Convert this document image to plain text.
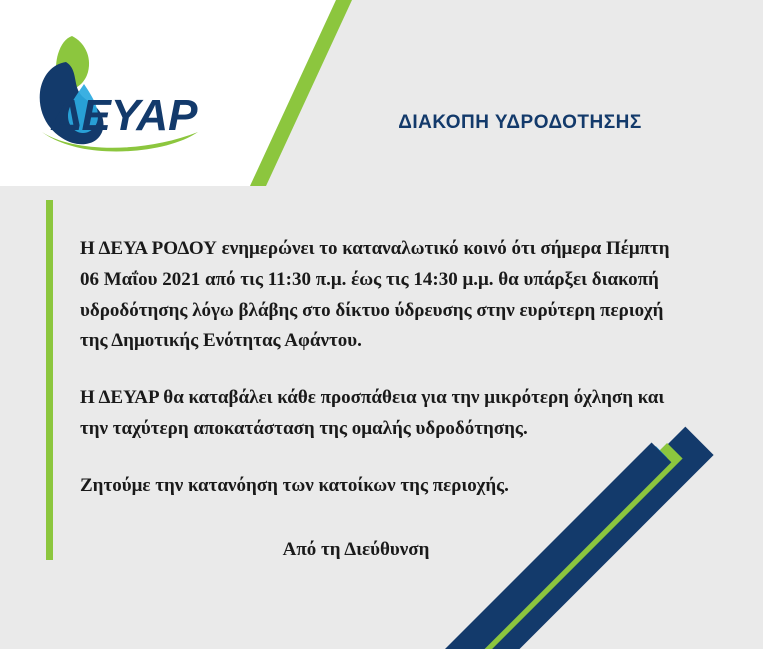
ΔΕΥΑΡ	ΔΙΑΚΟΠΗ ΥΔΡΟΔΟΤΗΣΗΣ

Η ΔΕΥΑ ΡΟΔΟΥ ενημερώνει το καταναλωτικό κοινό ότι σήμερα Πέμπτη 06 Μαΐου 2021 από τις 11:30 π.μ. έως τις 14:30 μ.μ. θα υπάρξει διακοπή υδροδότησης λόγω βλάβης στο δίκτυο ύδρευσης στην ευρύτερη περιοχή της Δημοτικής Ενότητας Αφάντου.

Η ΔΕΥΑΡ θα καταβάλει κάθε προσπάθεια για την μικρότερη όχληση και την ταχύτερη αποκατάσταση της ομαλής υδροδότησης.

Ζητούμε την κατανόηση των κατοίκων της περιοχής.

Από τη Διεύθυνση
